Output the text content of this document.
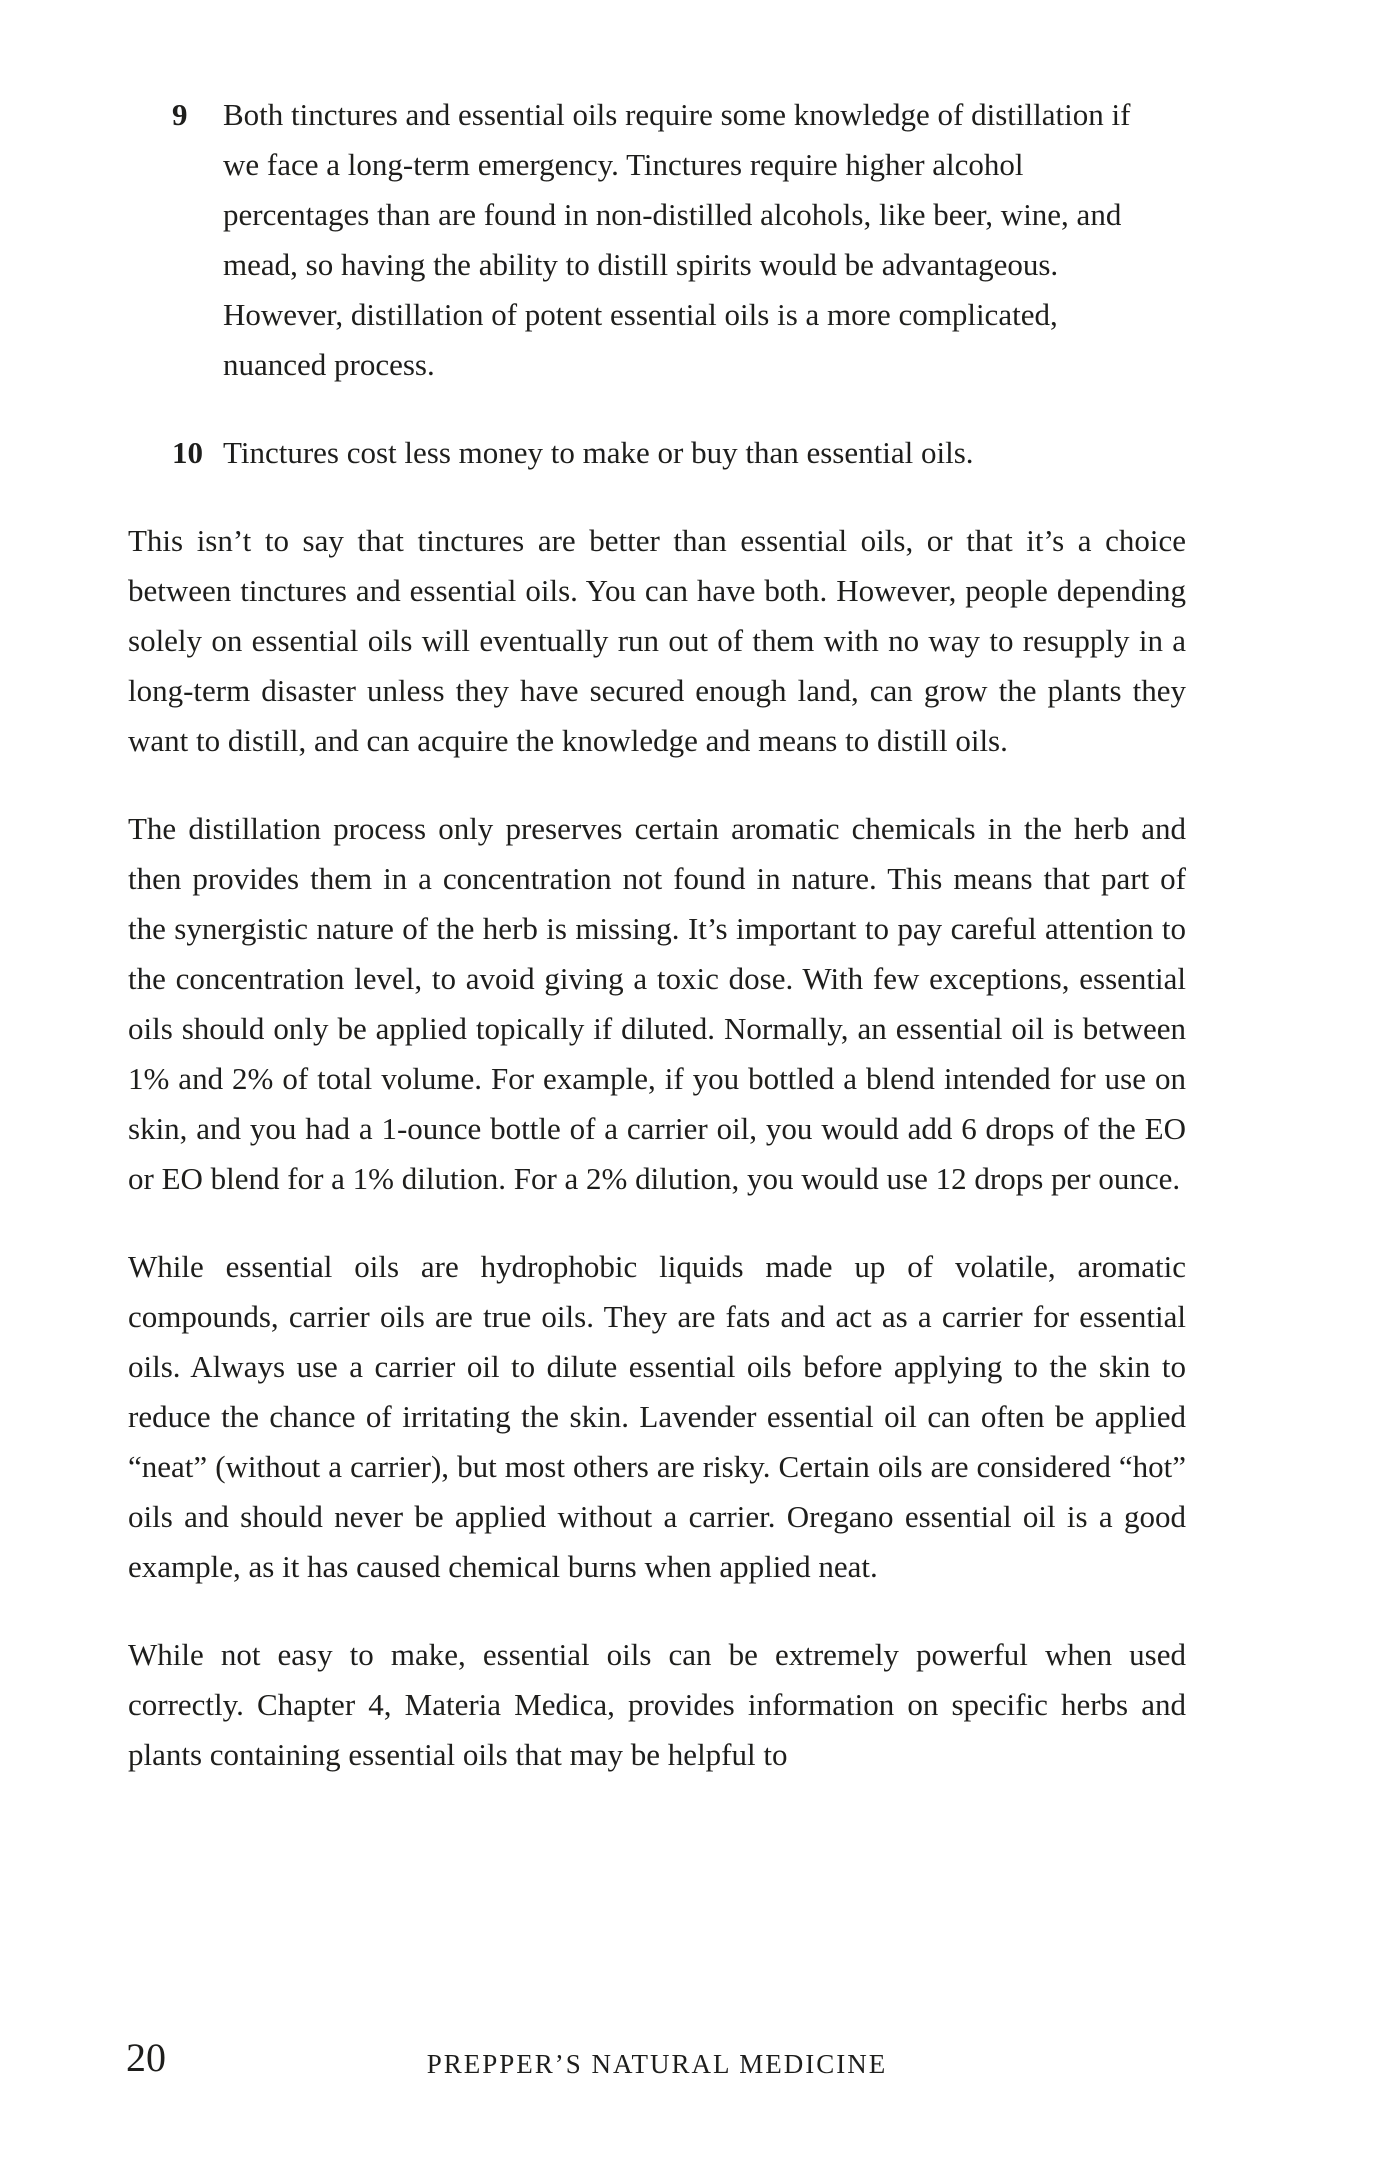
9 Both tinctures and essential oils require some knowledge of distillation if we face a long-term emergency. Tinctures require higher alcohol percentages than are found in non-distilled alcohols, like beer, wine, and mead, so having the ability to distill spirits would be advantageous. However, distillation of potent essential oils is a more complicated, nuanced process.
10 Tinctures cost less money to make or buy than essential oils.

This isn’t to say that tinctures are better than essential oils, or that it’s a choice between tinctures and essential oils. You can have both. However, people depending solely on essential oils will eventually run out of them with no way to resupply in a long-term disaster unless they have secured enough land, can grow the plants they want to distill, and can acquire the knowledge and means to distill oils.

The distillation process only preserves certain aromatic chemicals in the herb and then provides them in a concentration not found in nature. This means that part of the synergistic nature of the herb is missing. It’s important to pay careful attention to the concentration level, to avoid giving a toxic dose. With few exceptions, essential oils should only be applied topically if diluted. Normally, an essential oil is between 1% and 2% of total volume. For example, if you bottled a blend intended for use on skin, and you had a 1-ounce bottle of a carrier oil, you would add 6 drops of the EO or EO blend for a 1% dilution. For a 2% dilution, you would use 12 drops per ounce.

While essential oils are hydrophobic liquids made up of volatile, aromatic compounds, carrier oils are true oils. They are fats and act as a carrier for essential oils. Always use a carrier oil to dilute essential oils before applying to the skin to reduce the chance of irritating the skin. Lavender essential oil can often be applied “neat” (without a carrier), but most others are risky. Certain oils are considered “hot” oils and should never be applied without a carrier. Oregano essential oil is a good example, as it has caused chemical burns when applied neat.

While not easy to make, essential oils can be extremely powerful when used correctly. Chapter 4, Materia Medica, provides information on specific herbs and plants containing essential oils that may be helpful to

20	PREPPER’S NATURAL MEDICINE
